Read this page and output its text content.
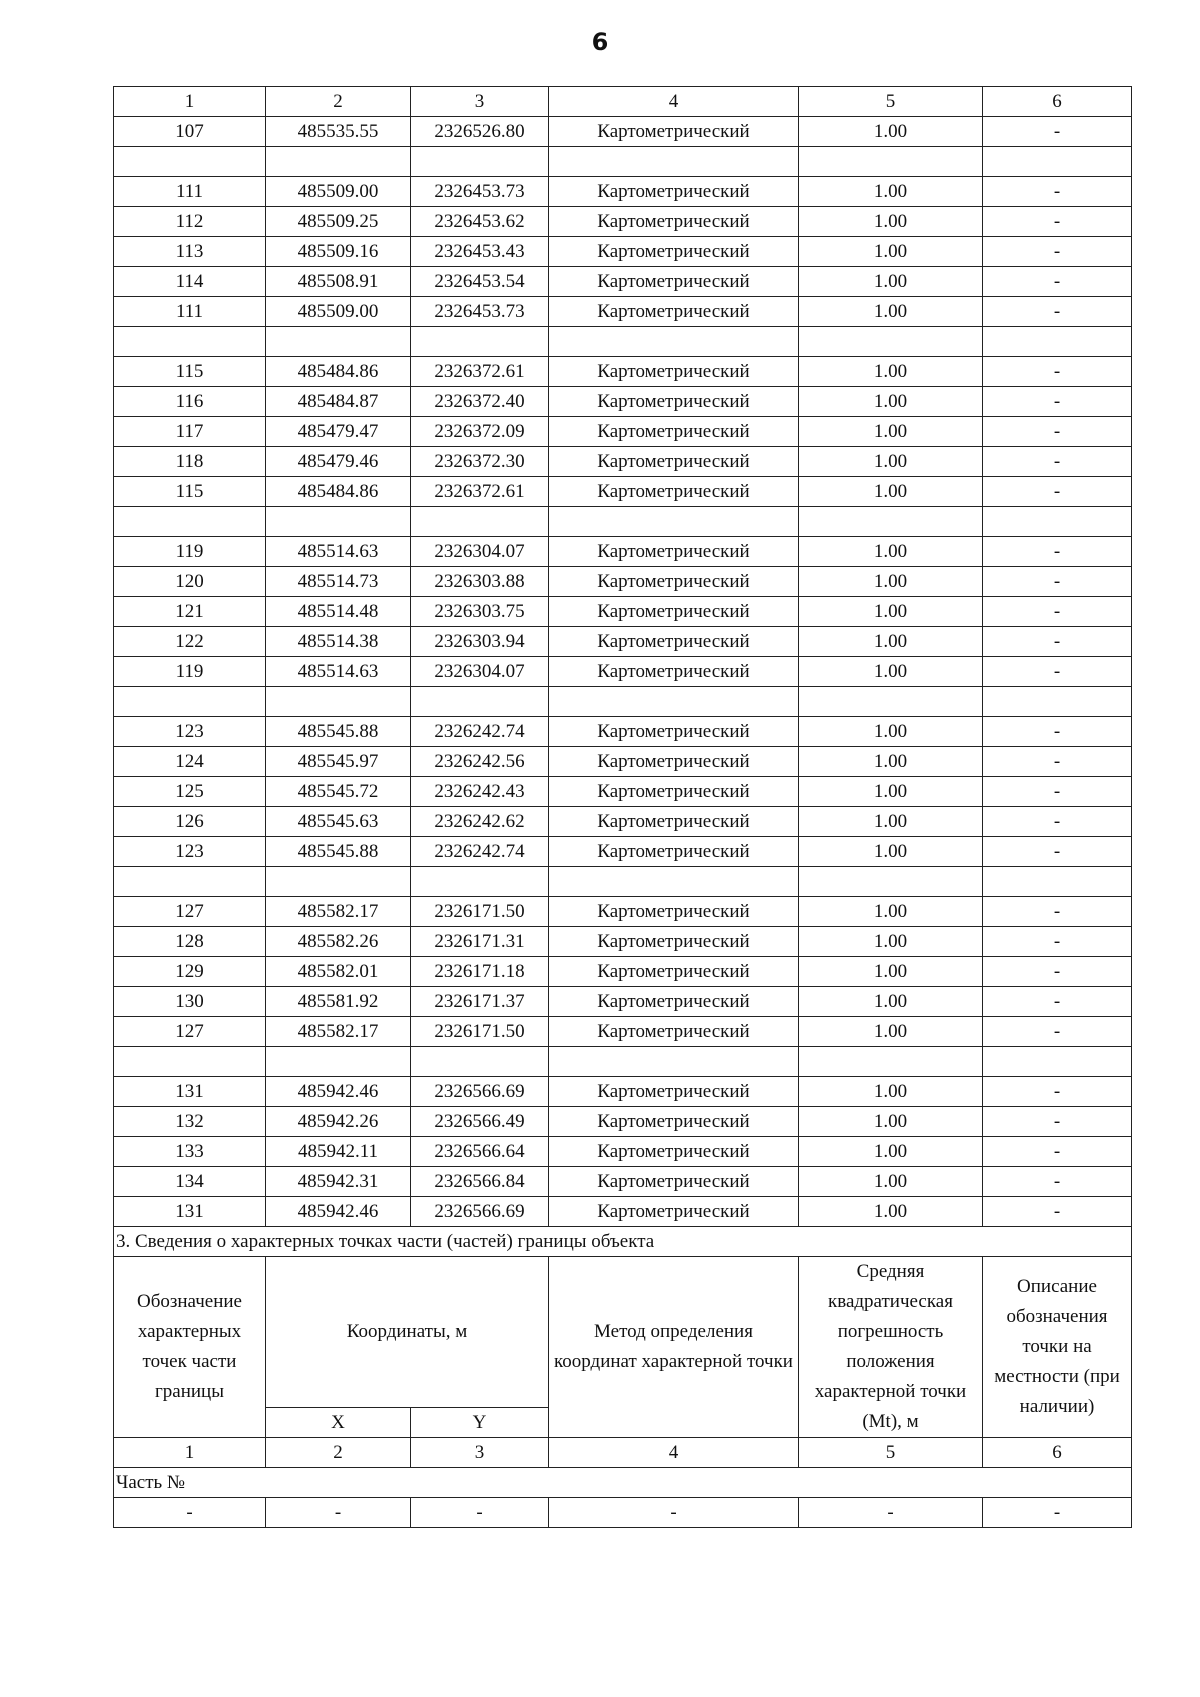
6
1	2	3	4	5	6
107	485535.55	2326526.80	Картометрический	1.00	-

111	485509.00	2326453.73	Картометрический	1.00	-
112	485509.25	2326453.62	Картометрический	1.00	-
113	485509.16	2326453.43	Картометрический	1.00	-
114	485508.91	2326453.54	Картометрический	1.00	-
111	485509.00	2326453.73	Картометрический	1.00	-

115	485484.86	2326372.61	Картометрический	1.00	-
116	485484.87	2326372.40	Картометрический	1.00	-
117	485479.47	2326372.09	Картометрический	1.00	-
118	485479.46	2326372.30	Картометрический	1.00	-
115	485484.86	2326372.61	Картометрический	1.00	-

119	485514.63	2326304.07	Картометрический	1.00	-
120	485514.73	2326303.88	Картометрический	1.00	-
121	485514.48	2326303.75	Картометрический	1.00	-
122	485514.38	2326303.94	Картометрический	1.00	-
119	485514.63	2326304.07	Картометрический	1.00	-

123	485545.88	2326242.74	Картометрический	1.00	-
124	485545.97	2326242.56	Картометрический	1.00	-
125	485545.72	2326242.43	Картометрический	1.00	-
126	485545.63	2326242.62	Картометрический	1.00	-
123	485545.88	2326242.74	Картометрический	1.00	-

127	485582.17	2326171.50	Картометрический	1.00	-
128	485582.26	2326171.31	Картометрический	1.00	-
129	485582.01	2326171.18	Картометрический	1.00	-
130	485581.92	2326171.37	Картометрический	1.00	-
127	485582.17	2326171.50	Картометрический	1.00	-

131	485942.46	2326566.69	Картометрический	1.00	-
132	485942.26	2326566.49	Картометрический	1.00	-
133	485942.11	2326566.64	Картометрический	1.00	-
134	485942.31	2326566.84	Картометрический	1.00	-
131	485942.46	2326566.69	Картометрический	1.00	-
3. Сведения о характерных точках части (частей) границы объекта					
Обозначение характерных точек части границы	Координаты, м		Метод определения координат характерной точки	Средняя квадратическая погрешность положения характерной точки (Mt), м	Описание обозначения точки на местности (при наличии)
	X	Y			
1	2	3	4	5	6
Часть №					
-	-	-	-	-	-
